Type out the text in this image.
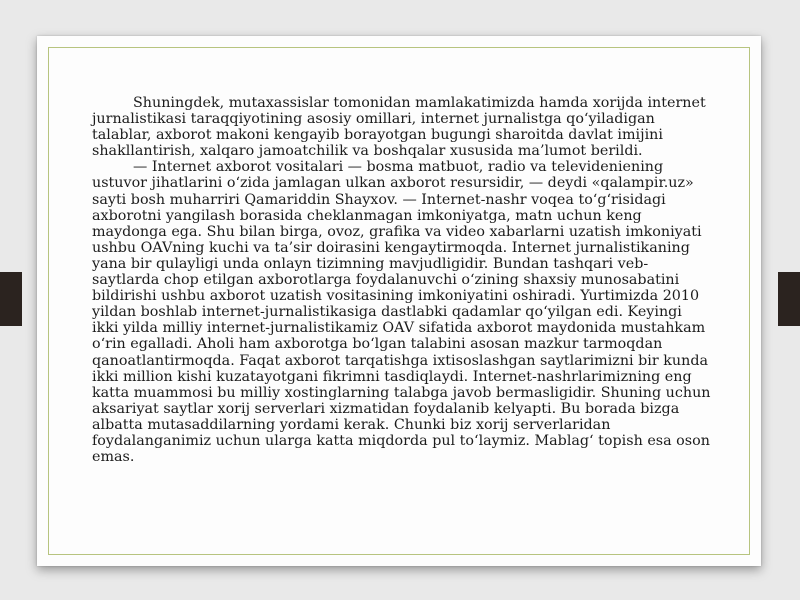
Shuningdek, mutaxassislar tomonidan mamlakatimizda hamda xorijda internet jurnalistikasi taraqqiyotining asosiy omillari, internet jurnalistga qo‘yiladigan talablar, axborot makoni kengayib borayotgan bugungi sharoitda davlat imijini shakllantirish, xalqaro jamoatchilik va boshqalar xususida ma’lumot berildi.

— Internet axborot vositalari — bosma matbuot, radio va televideniening ustuvor jihatlarini o‘zida jamlagan ulkan axborot resursidir, — deydi «qalampir.uz» sayti bosh muharriri Qamariddin Shayxov. — Internet-nashr voqea to‘g‘risidagi axborotni yangilash borasida cheklanmagan imkoniyatga, matn uchun keng maydonga ega. Shu bilan birga, ovoz, grafika va video xabarlarni uzatish imkoniyati ushbu OAVning kuchi va ta’sir doirasini kengaytirmoqda. Internet jurnalistikaning yana bir qulayligi unda onlayn tizimning mavjudligidir. Bundan tashqari veb-saytlarda chop etilgan axborotlarga foydalanuvchi o‘zining shaxsiy munosabatini bildirishi ushbu axborot uzatish vositasining imkoniyatini oshiradi. Yurtimizda 2010 yildan boshlab internet-jurnalistikasiga dastlabki qadamlar qo‘yilgan edi. Keyingi ikki yilda milliy internet-jurnalistikamiz OAV sifatida axborot maydonida mustahkam o‘rin egalladi. Aholi ham axborotga bo‘lgan talabini asosan mazkur tarmoqdan qanoatlantirmoqda. Faqat axborot tarqatishga ixtisoslashgan saytlarimizni bir kunda ikki million kishi kuzatayotgani fikrimni tasdiqlaydi. Internet-nashrlarimizning eng katta muammosi bu milliy xostinglarning talabga javob bermasligidir. Shuning uchun aksariyat saytlar xorij serverlari xizmatidan foydalanib kelyapti. Bu borada bizga albatta mutasaddilarning yordami kerak. Chunki biz xorij serverlaridan foydalanganimiz uchun ularga katta miqdorda pul to‘laymiz. Mablag‘ topish esa oson emas.
